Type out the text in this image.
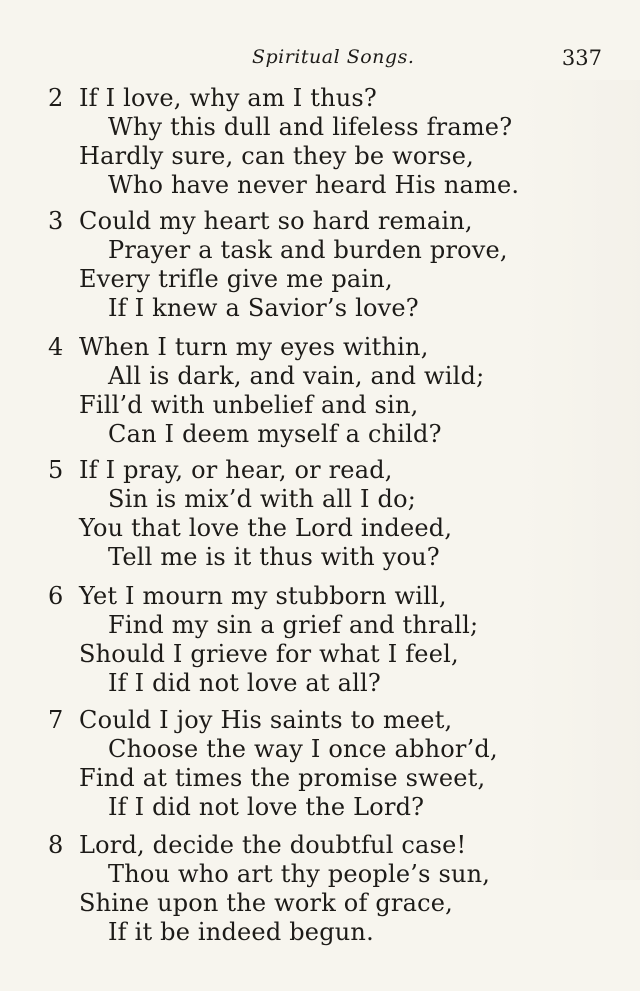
Spiritual Songs.	337
2 If I love, why am I thus?
Why this dull and lifeless frame?
Hardly sure, can they be worse,
Who have never heard His name.
3 Could my heart so hard remain,
Prayer a task and burden prove,
Every trifle give me pain,
If I knew a Savior’s love?
4 When I turn my eyes within,
All is dark, and vain, and wild;
Fill’d with unbelief and sin,
Can I deem myself a child?
5 If I pray, or hear, or read,
Sin is mix’d with all I do;
You that love the Lord indeed,
Tell me is it thus with you?
6 Yet I mourn my stubborn will,
Find my sin a grief and thrall;
Should I grieve for what I feel,
If I did not love at all?
7 Could I joy His saints to meet,
Choose the way I once abhor’d,
Find at times the promise sweet,
If I did not love the Lord?
8 Lord, decide the doubtful case!
Thou who art thy people’s sun,
Shine upon the work of grace,
If it be indeed begun.
